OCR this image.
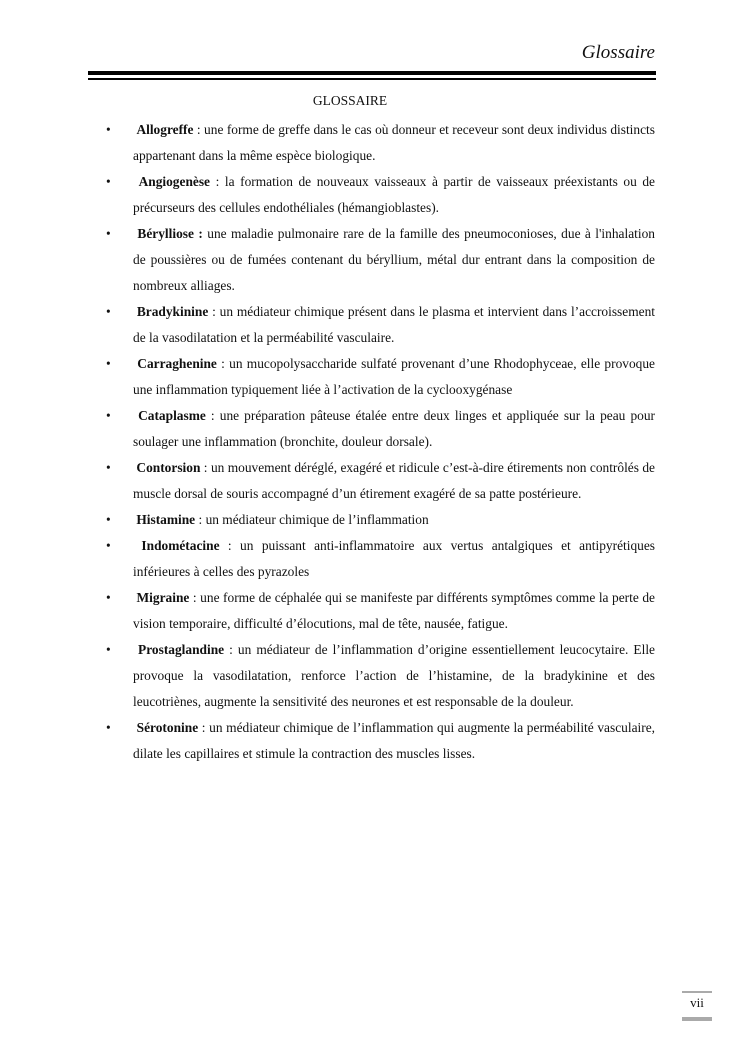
Glossaire
GLOSSAIRE
• Allogreffe : une forme de greffe dans le cas où donneur et receveur sont deux individus distincts appartenant dans la même espèce biologique.
• Angiogenèse : la formation de nouveaux vaisseaux à partir de vaisseaux préexistants ou de précurseurs des cellules endothéliales (hémangioblastes).
• Bérylliose : une maladie pulmonaire rare de la famille des pneumoconioses, due à l'inhalation de poussières ou de fumées contenant du béryllium, métal dur entrant dans la composition de nombreux alliages.
• Bradykinine : un médiateur chimique présent dans le plasma et intervient dans l’accroissement de la vasodilatation et la perméabilité vasculaire.
• Carraghenine : un mucopolysaccharide sulfaté provenant d’une Rhodophyceae, elle provoque une inflammation typiquement liée à l’activation de la cyclooxygénase
• Cataplasme : une préparation pâteuse étalée entre deux linges et appliquée sur la peau pour soulager une inflammation (bronchite, douleur dorsale).
• Contorsion : un mouvement déréglé, exagéré et ridicule c’est-à-dire étirements non contrôlés de muscle dorsal de souris accompagné d’un étirement exagéré de sa patte postérieure.
• Histamine : un médiateur chimique de l’inflammation
• Indométacine : un puissant anti-inflammatoire aux vertus antalgiques et antipyrétiques inférieures à celles des pyrazoles
• Migraine : une forme de céphalée qui se manifeste par différents symptômes comme la perte de vision temporaire, difficulté d’élocutions, mal de tête, nausée, fatigue.
• Prostaglandine : un médiateur de l’inflammation d’origine essentiellement leucocytaire. Elle provoque la vasodilatation, renforce l’action de l’histamine, de la bradykinine et des leucotriènes, augmente la sensitivité des neurones et est responsable de la douleur.
• Sérotonine : un médiateur chimique de l’inflammation qui augmente la perméabilité vasculaire, dilate les capillaires et stimule la contraction des muscles lisses.
vii
